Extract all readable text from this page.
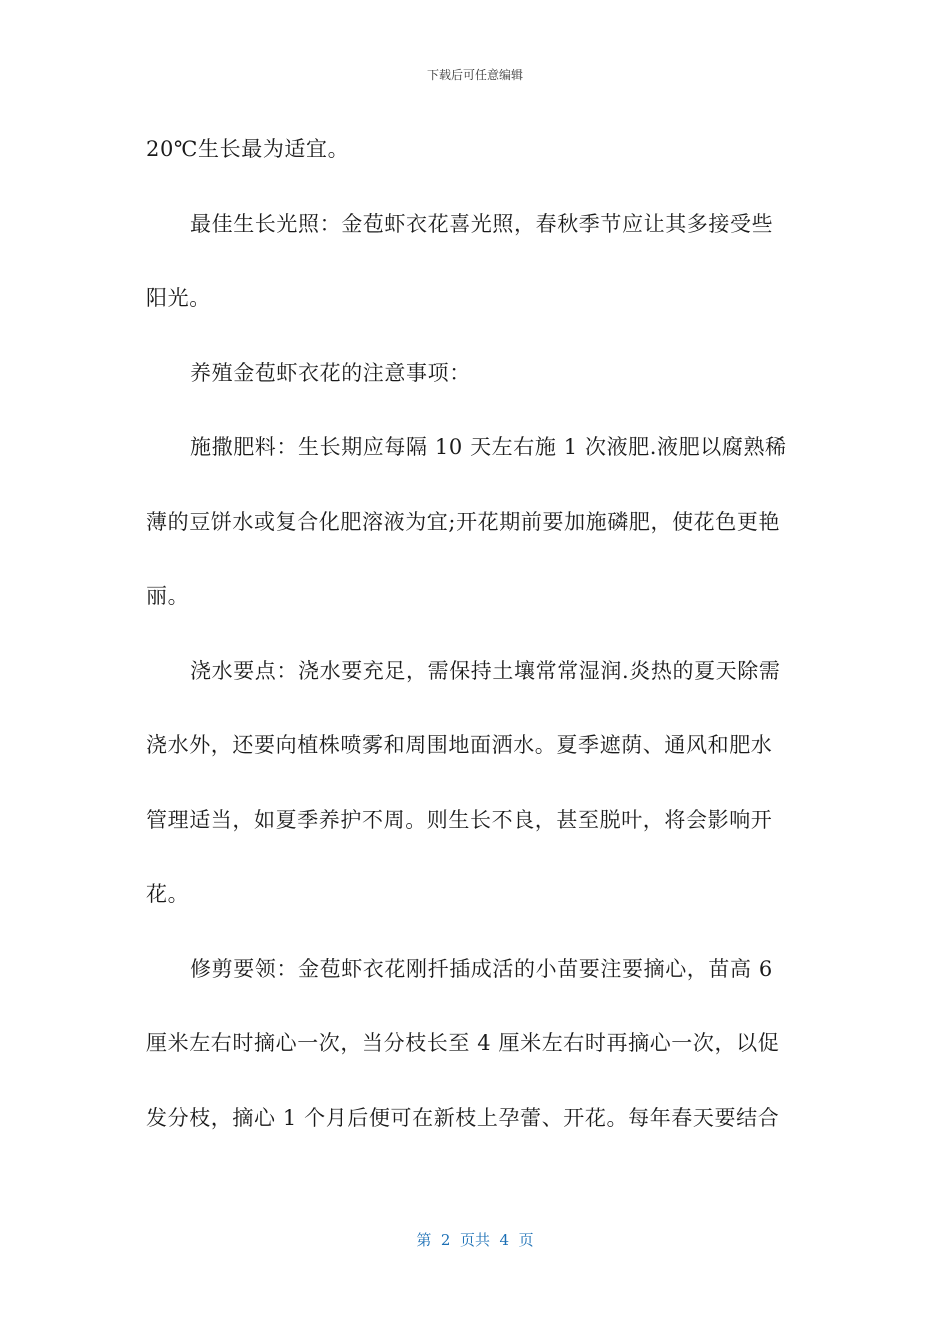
下载后可任意编辑
20℃生长最为适宜。
最佳生长光照：金苞虾衣花喜光照，春秋季节应让其多接受些
阳光。
养殖金苞虾衣花的注意事项：
施撒肥料：生长期应每隔 10 天左右施 1 次液肥.液肥以腐熟稀
薄的豆饼水或复合化肥溶液为宜;开花期前要加施磷肥，使花色更艳
丽。
浇水要点：浇水要充足，需保持土壤常常湿润.炎热的夏天除需
浇水外，还要向植株喷雾和周围地面洒水。夏季遮荫、通风和肥水
管理适当，如夏季养护不周。则生长不良，甚至脱叶，将会影响开
花。
修剪要领：金苞虾衣花刚扦插成活的小苗要注要摘心，苗高 6
厘米左右时摘心一次，当分枝长至 4 厘米左右时再摘心一次，以促
发分枝，摘心 1 个月后便可在新枝上孕蕾、开花。每年春天要结合
第  2  页共  4  页
